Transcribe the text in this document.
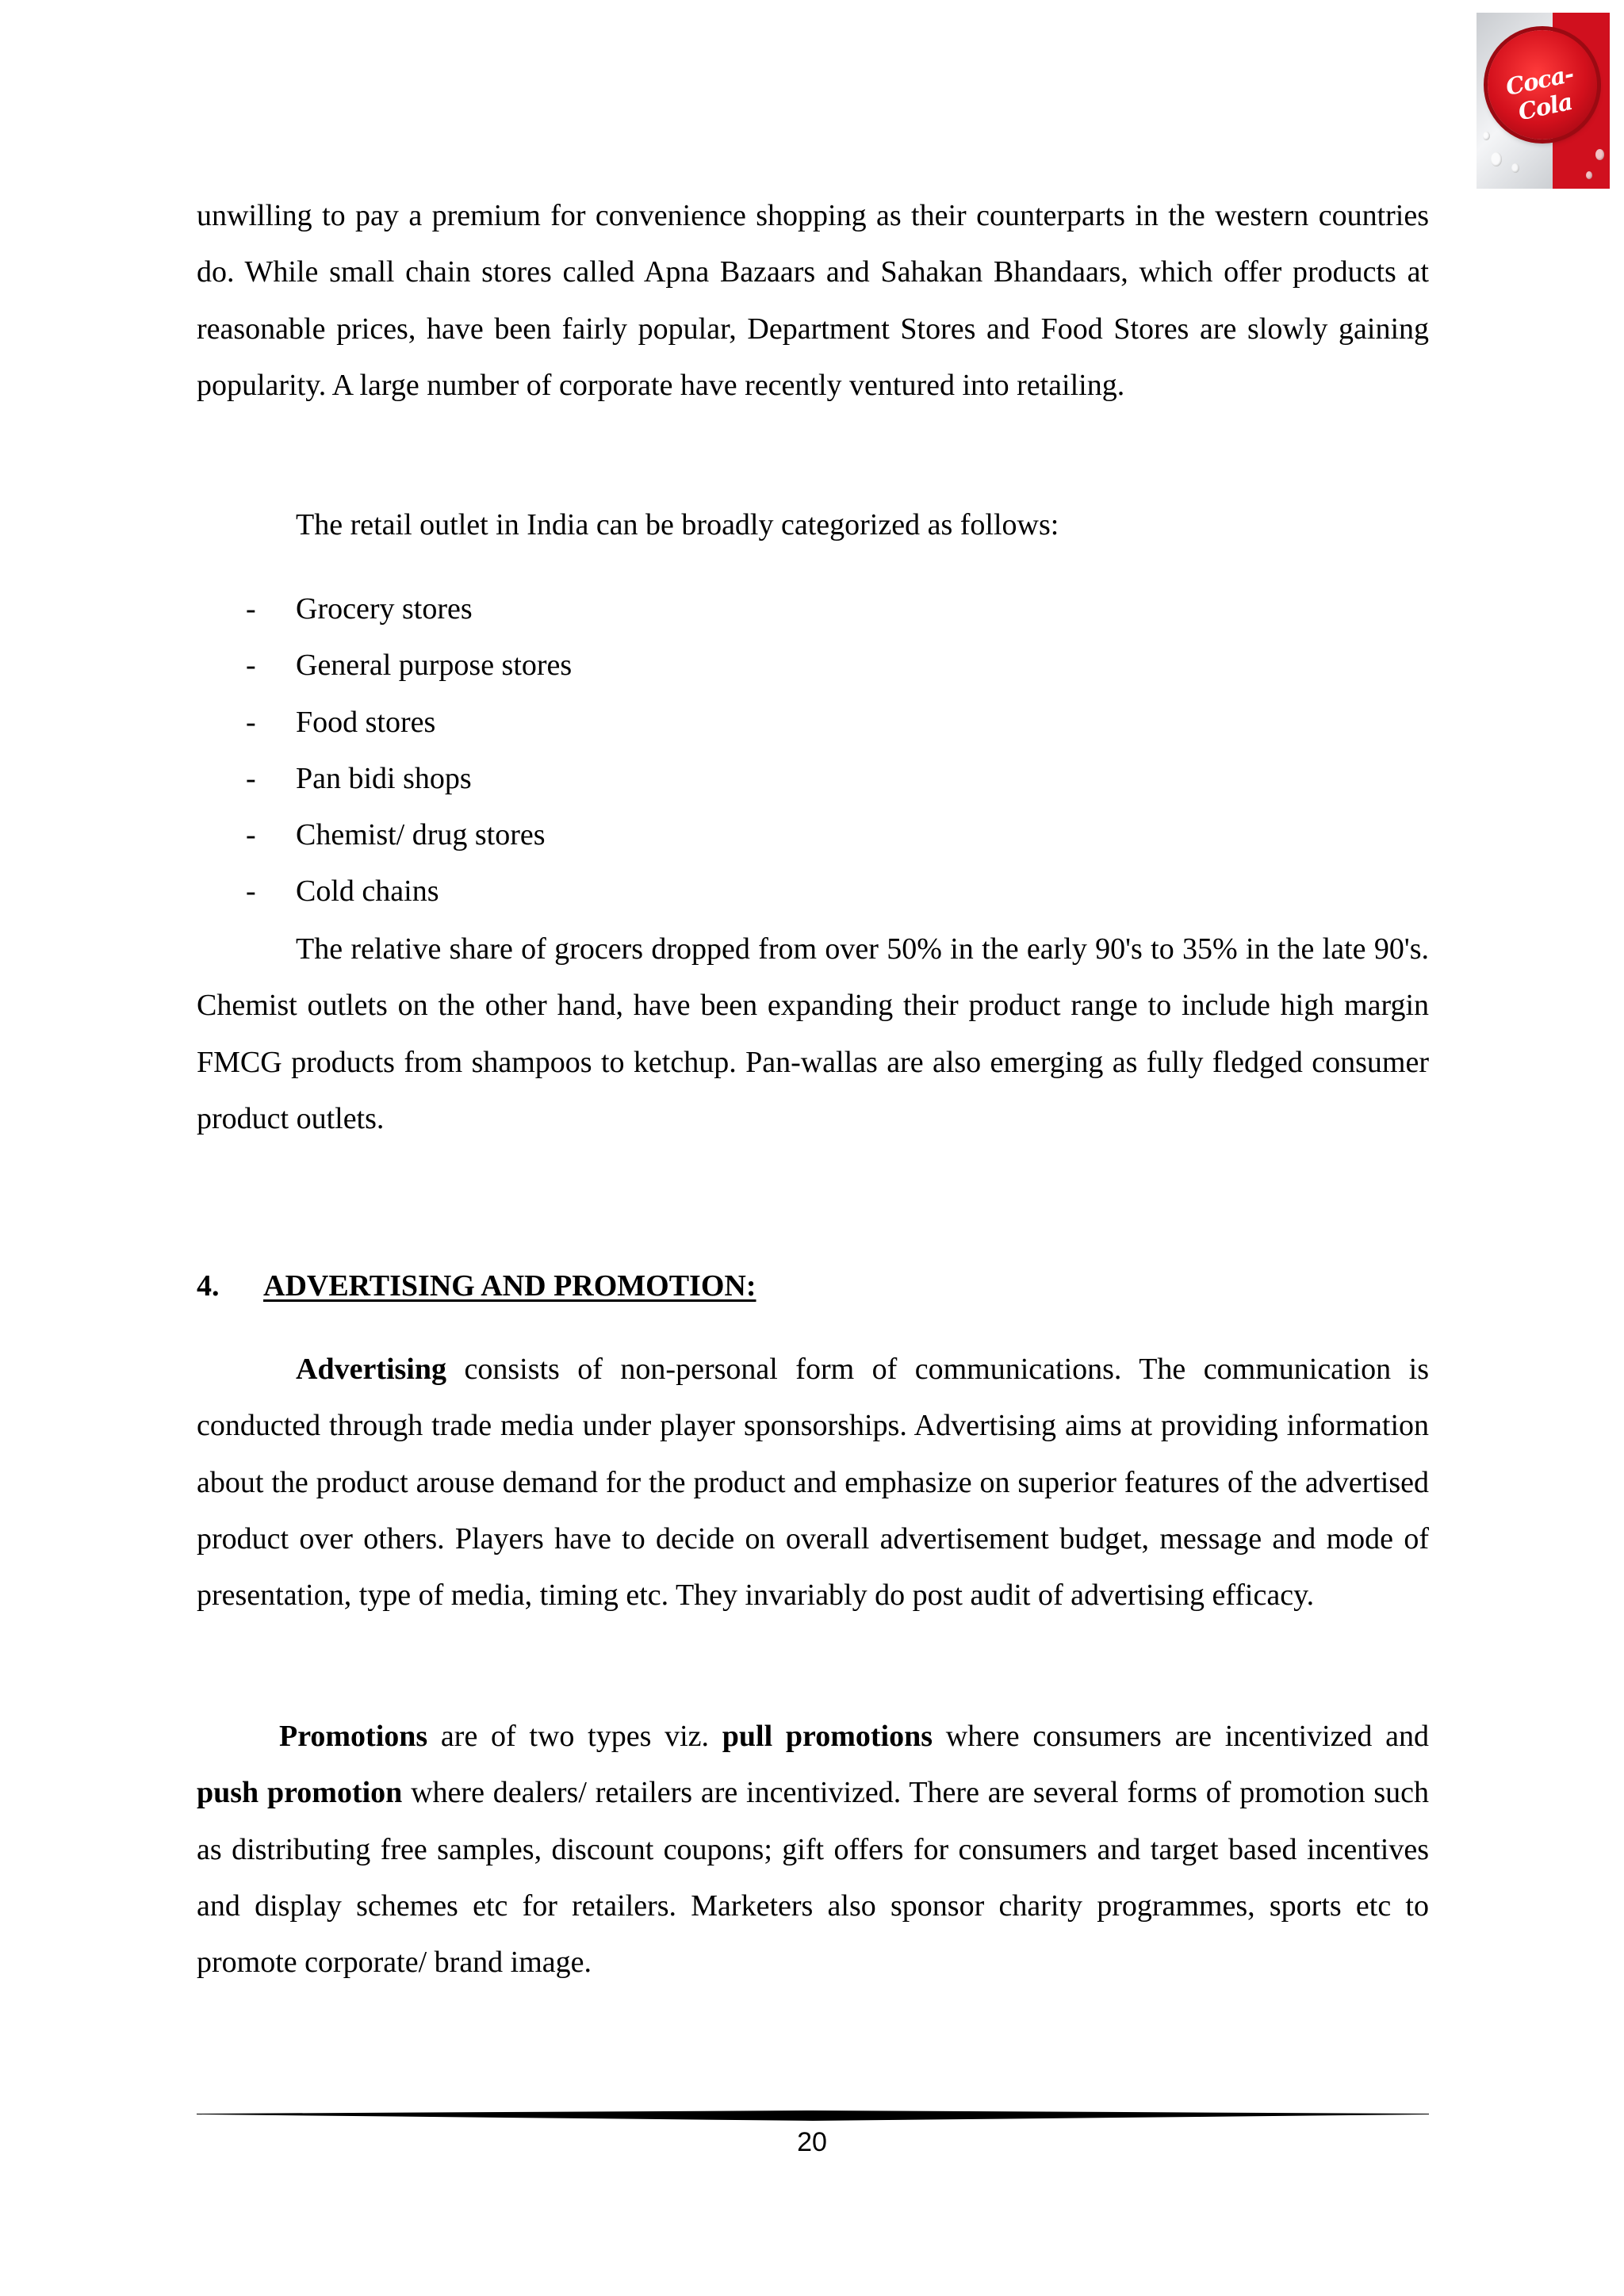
Coca-Cola

unwilling to pay a premium for convenience shopping as their counterparts in the western countries do. While small chain stores called Apna Bazaars and Sahakan Bhandaars, which offer products at reasonable prices, have been fairly popular, Department Stores and Food Stores are slowly gaining popularity. A large number of corporate have recently ventured into retailing.

The retail outlet in India can be broadly categorized as follows:

- Grocery stores
- General purpose stores
- Food stores
- Pan bidi shops
- Chemist/ drug stores
- Cold chains

The relative share of grocers dropped from over 50% in the early 90's to 35% in the late 90's. Chemist outlets on the other hand, have been expanding their product range to include high margin FMCG products from shampoos to ketchup. Pan-wallas are also emerging as fully fledged consumer product outlets.

4. ADVERTISING AND PROMOTION:

Advertising consists of non-personal form of communications. The communication is conducted through trade media under player sponsorships. Advertising aims at providing information about the product arouse demand for the product and emphasize on superior features of the advertised product over others. Players have to decide on overall advertisement budget, message and mode of presentation, type of media, timing etc. They invariably do post audit of advertising efficacy.

Promotions are of two types viz. pull promotions where consumers are incentivized and push promotion where dealers/ retailers are incentivized. There are several forms of promotion such as distributing free samples, discount coupons; gift offers for consumers and target based incentives and display schemes etc for retailers. Marketers also sponsor charity programmes, sports etc to promote corporate/ brand image.

20
